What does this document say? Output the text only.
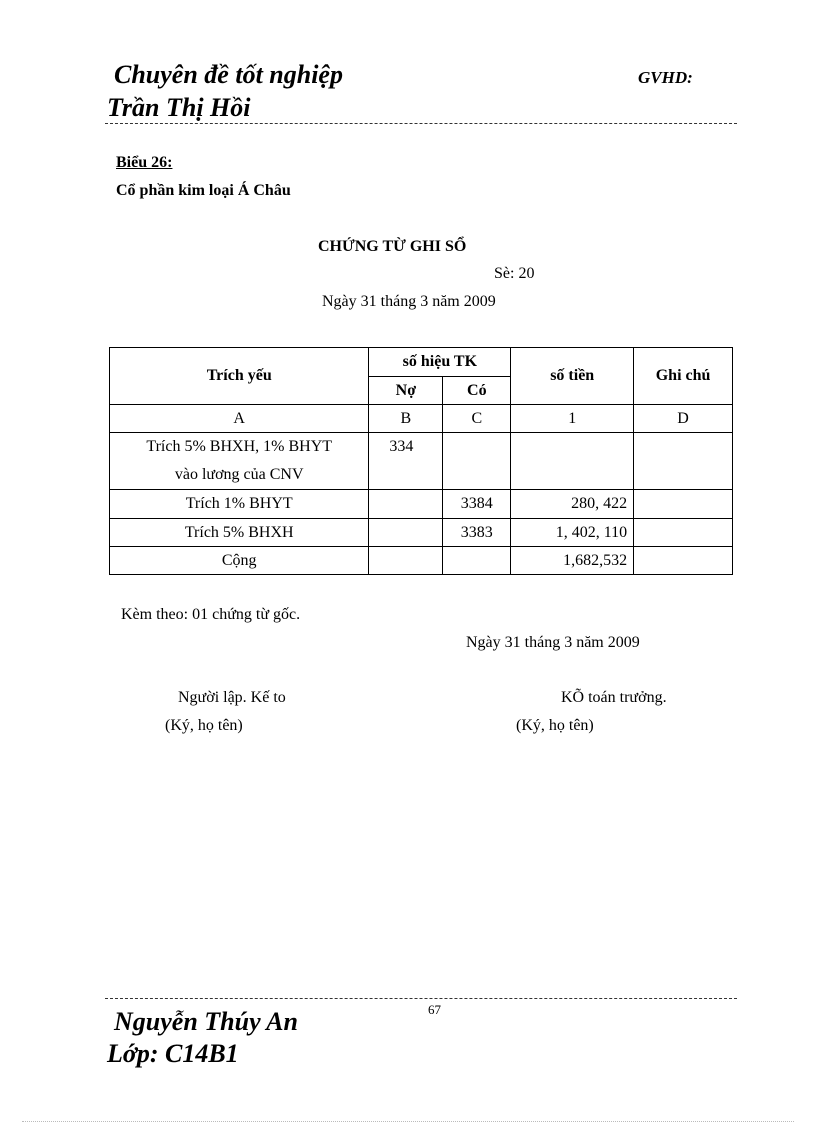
Chuyên đề tốt nghiệp	GVHD:
Trần Thị Hồi
Biểu 26:
Cổ phần kim loại Á Châu
CHỨNG TỪ GHI SỔ
Sè: 20
Ngày 31 tháng 3 năm 2009
Trích yếu	số hiệu TK		số tiền	Ghi chú
	Nợ	Có		
A	B	C	1	D

Trích 5% BHXH, 1% BHYT
vào lương của CNV	334			
Trích 1% BHYT		3384	280, 422	
Trích 5% BHXH		3383	1, 402, 110	
Cộng			1,682,532	
Kèm theo: 01 chứng từ gốc.
Ngày 31 tháng 3 năm 2009
Người lập. Kế to
(Ký, họ tên)
KÕ toán trưởng.
(Ký, họ tên)
67
Nguyễn Thúy An
Lớp: C14B1
